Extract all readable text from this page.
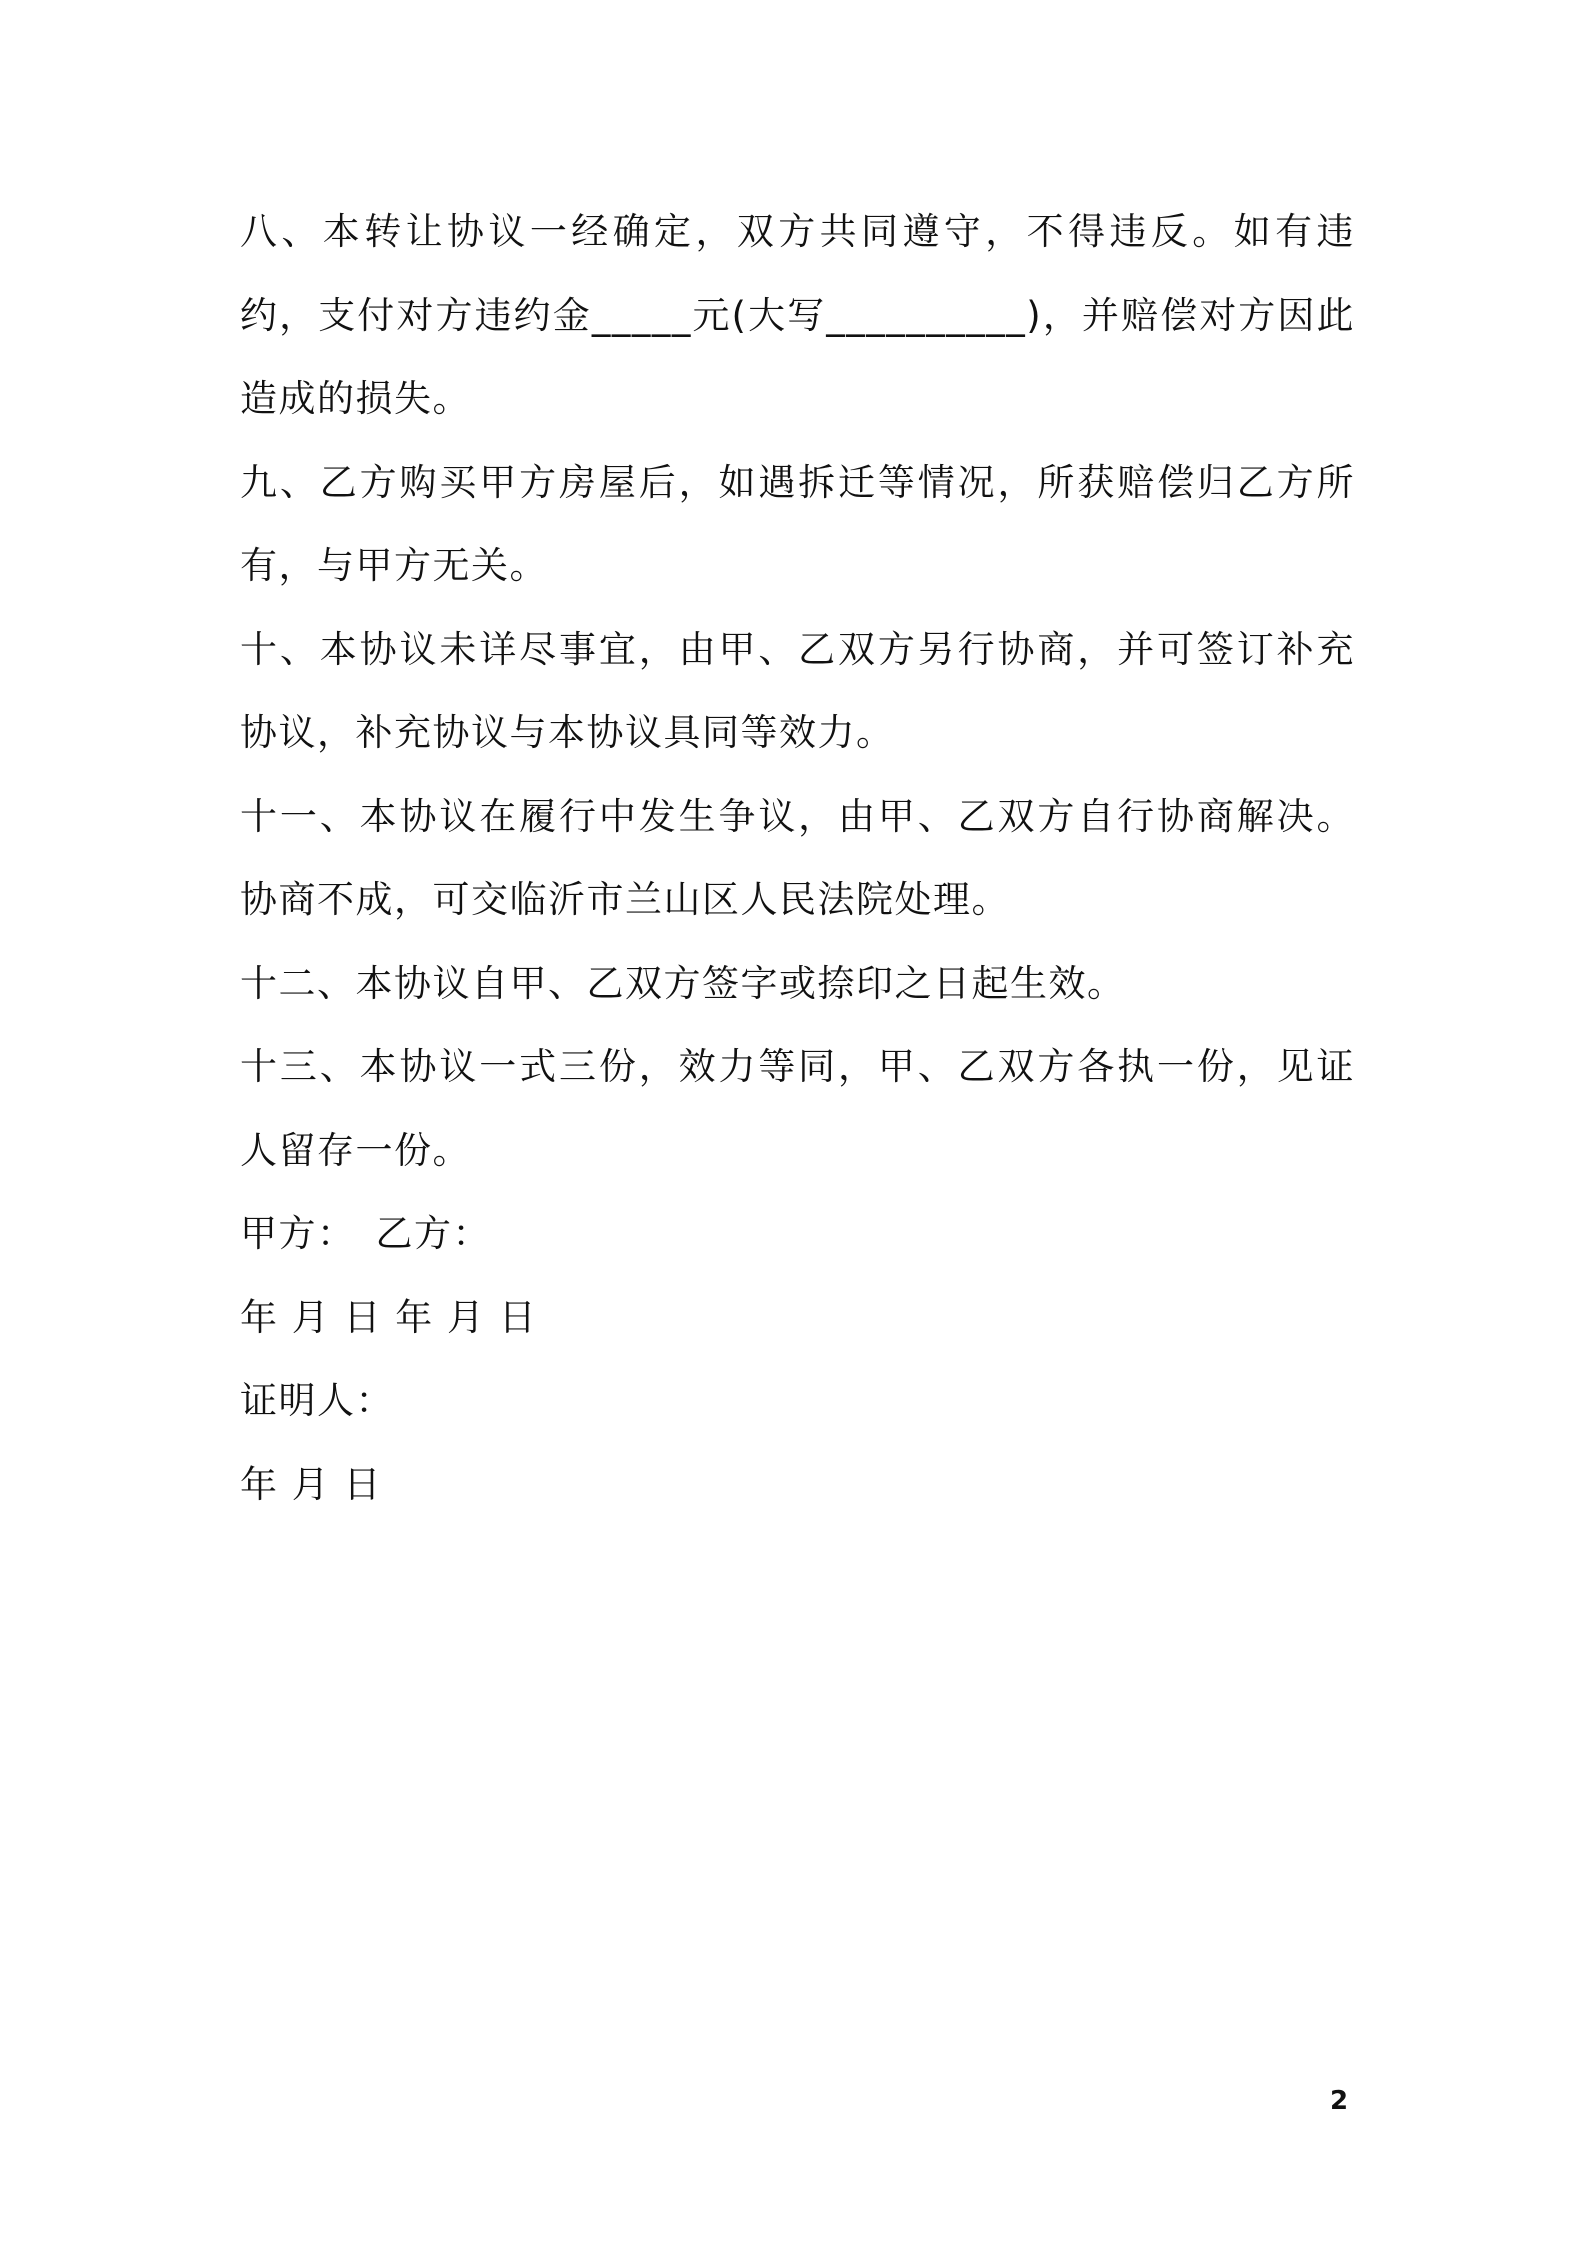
八、本转让协议一经确定，双方共同遵守，不得违反。如有违约，支付对方违约金_____元(大写__________)，并赔偿对方因此造成的损失。

九、乙方购买甲方房屋后，如遇拆迁等情况，所获赔偿归乙方所有，与甲方无关。

十、本协议未详尽事宜，由甲、乙双方另行协商，并可签订补充协议，补充协议与本协议具同等效力。

十一、本协议在履行中发生争议，由甲、乙双方自行协商解决。协商不成，可交临沂市兰山区人民法院处理。

十二、本协议自甲、乙双方签字或捺印之日起生效。

十三、本协议一式三份，效力等同，甲、乙双方各执一份，见证人留存一份。

甲方：　乙方：

年 月 日 年 月 日

证明人：

年 月 日

2
